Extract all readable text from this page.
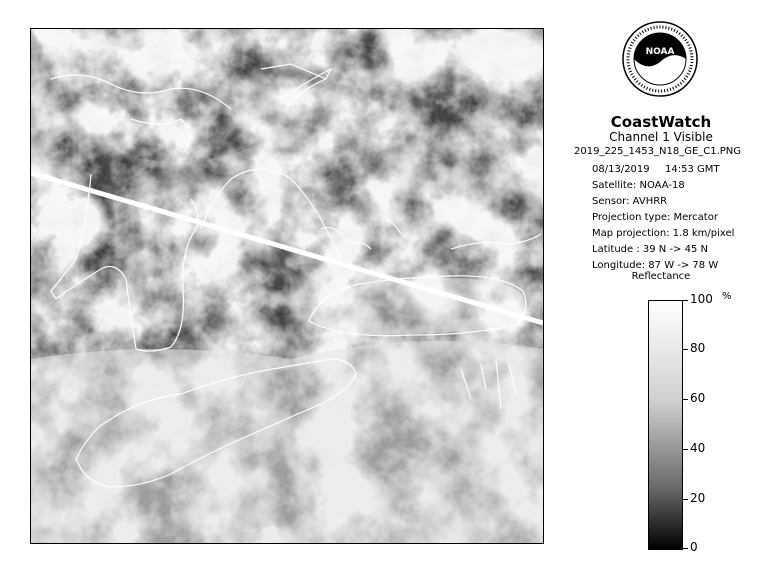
NOAA
CoastWatch
Channel 1 Visible
2019_225_1453_N18_GE_C1.PNG
08/13/2019 14:53 GMT
Satellite: NOAA-18
Sensor: AVHRR
Projection type: Mercator
Map projection: 1.8 km/pixel
Latitude : 39 N -> 45 N
Longitude: 87 W -> 78 W
Reflectance
%
100
80
60
40
20
0
